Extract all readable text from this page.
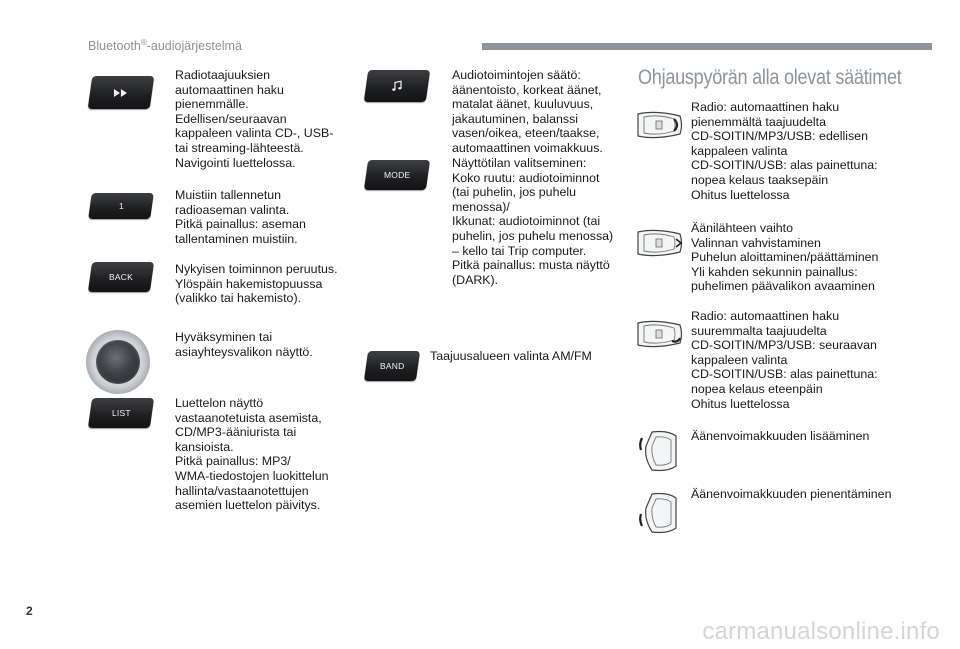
Bluetooth®-audiojärjestelmä
Radiotaajuuksien
automaattinen haku
pienemmälle.
Edellisen/seuraavan
kappaleen valinta CD-, USB-
tai streaming-lähteestä.
Navigointi luettelossa.
1
Muistiin tallennetun
radioaseman valinta.
Pitkä painallus: aseman
tallentaminen muistiin.
BACK
Nykyisen toiminnon peruutus.
Ylöspäin hakemistopuussa
(valikko tai hakemisto).
Hyväksyminen tai
asiayhteysvalikon näyttö.
LIST
Luettelon näyttö
vastaanotetuista asemista,
CD/MP3-ääniurista tai
kansioista.
Pitkä painallus: MP3/
WMA-tiedostojen luokittelun
hallinta/vastaanotettujen
asemien luettelon päivitys.
Audiotoimintojen säätö:
äänentoisto, korkeat äänet,
matalat äänet, kuuluvuus,
jakautuminen, balanssi
vasen/oikea, eteen/taakse,
automaattinen voimakkuus.
MODE
Näyttötilan valitseminen:
Koko ruutu: audiotoiminnot
(tai puhelin, jos puhelu
menossa)/
Ikkunat: audiotoiminnot (tai
puhelin, jos puhelu menossa)
– kello tai Trip computer.
Pitkä painallus: musta näyttö
(DARK).
BAND
Taajuusalueen valinta AM/FM
Ohjauspyörän alla olevat säätimet
Radio: automaattinen haku
pienemmältä taajuudelta
CD-SOITIN/MP3/USB: edellisen
kappaleen valinta
CD-SOITIN/USB: alas painettuna:
nopea kelaus taaksepäin
Ohitus luettelossa
Äänilähteen vaihto
Valinnan vahvistaminen
Puhelun aloittaminen/päättäminen
Yli kahden sekunnin painallus:
puhelimen päävalikon avaaminen
Radio: automaattinen haku
suuremmalta taajuudelta
CD-SOITIN/MP3/USB: seuraavan
kappaleen valinta
CD-SOITIN/USB: alas painettuna:
nopea kelaus eteenpäin
Ohitus luettelossa
Äänenvoimakkuuden lisääminen
Äänenvoimakkuuden pienentäminen
2
carmanualsonline.info
